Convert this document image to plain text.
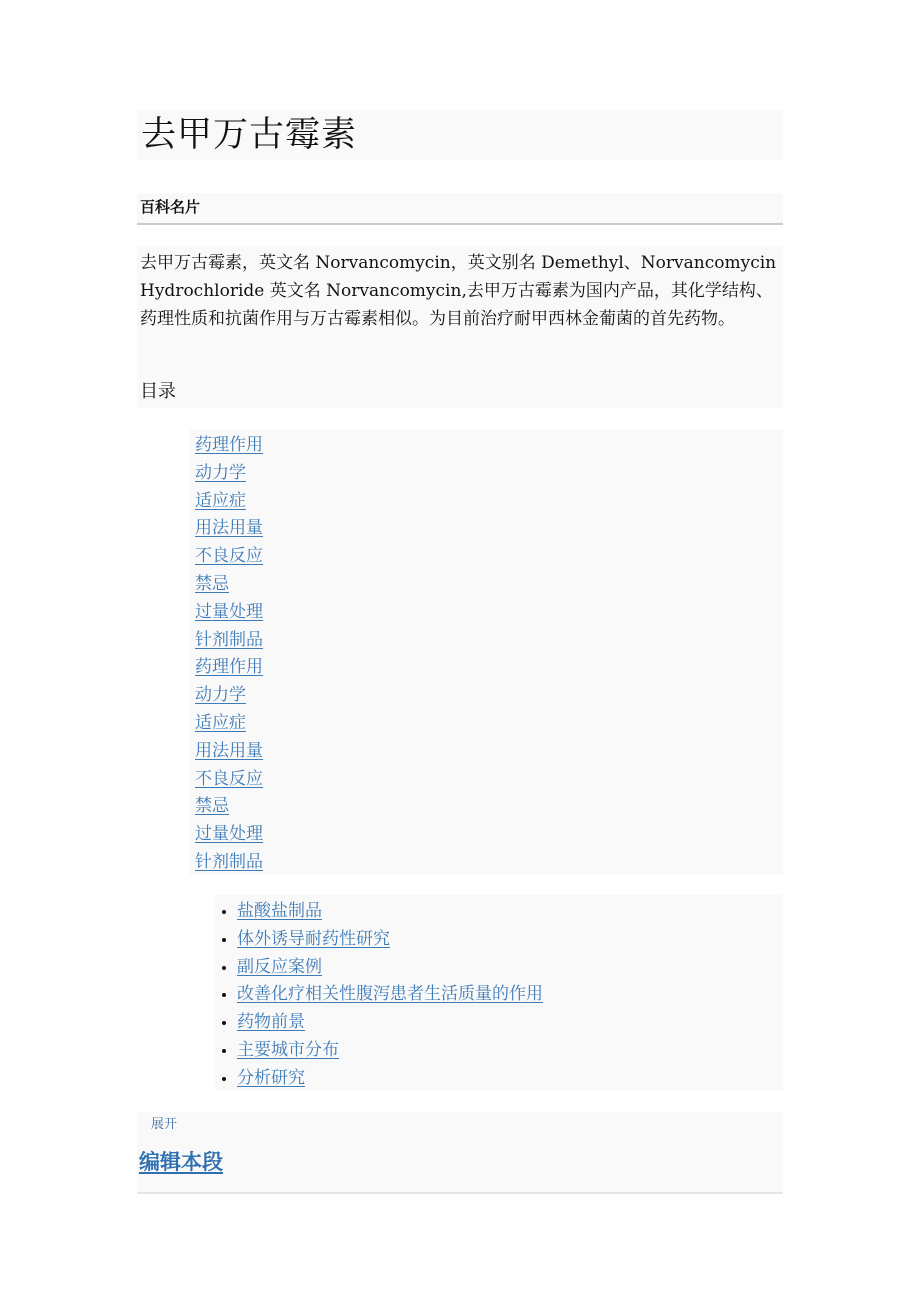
去甲万古霉素
百科名片

去甲万古霉素，英文名 Norvancomycin，英文别名 Demethyl、NorvancomycinHydrochloride 英文名 Norvancomycin,去甲万古霉素为国内产品，其化学结构、药理性质和抗菌作用与万古霉素相似。为目前治疗耐甲西林金葡菌的首先药物。

目录
药理作用
动力学
适应症
用法用量
不良反应
禁忌
过量处理
针剂制品
药理作用
动力学
适应症
用法用量
不良反应
禁忌
过量处理
针剂制品
• 盐酸盐制品
• 体外诱导耐药性研究
• 副反应案例
• 改善化疗相关性腹泻患者生活质量的作用
• 药物前景
• 主要城市分布
• 分析研究
展开
编辑本段
